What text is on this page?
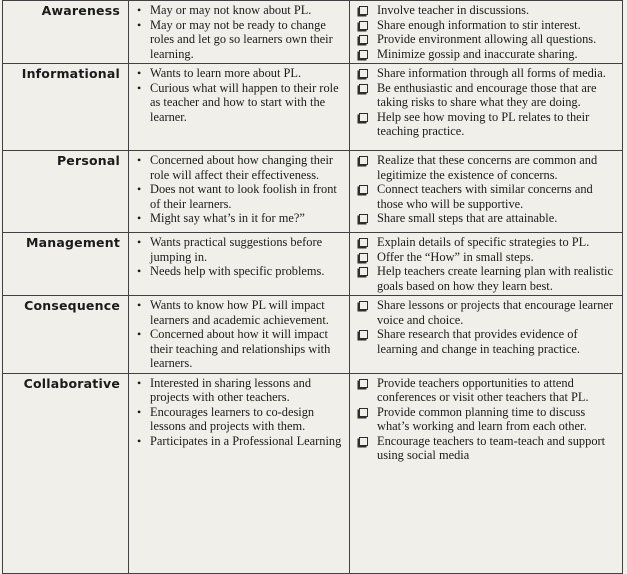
Awareness • May or may not know about PL.
• May or may not be ready to change roles and let go so learners own their learning.
Involve teacher in discussions.
Share enough information to stir interest.
Provide environment allowing all questions.
Minimize gossip and inaccurate sharing.
Informational • Wants to learn more about PL.
• Curious what will happen to their role as teacher and how to start with the learner.
Share information through all forms of media.
Be enthusiastic and encourage those that are taking risks to share what they are doing.
Help see how moving to PL relates to their teaching practice.
Personal • Concerned about how changing their role will affect their effectiveness.
• Does not want to look foolish in front of their learners.
• Might say what’s in it for me?”
Realize that these concerns are common and legitimize the existence of concerns.
Connect teachers with similar concerns and those who will be supportive.
Share small steps that are attainable.
Management • Wants practical suggestions before jumping in.
• Needs help with specific problems.
Explain details of specific strategies to PL.
Offer the “How” in small steps.
Help teachers create learning plan with realistic goals based on how they learn best.
Consequence • Wants to know how PL will impact learners and academic achievement.
• Concerned about how it will impact their teaching and relationships with learners.
Share lessons or projects that encourage learner voice and choice.
Share research that provides evidence of learning and change in teaching practice.
Collaborative • Interested in sharing lessons and projects with other teachers.
• Encourages learners to co-design lessons and projects with them.
• Participates in a Professional Learning
Provide teachers opportunities to attend conferences or visit other teachers that PL.
Provide common planning time to discuss what’s working and learn from each other.
Encourage teachers to team-teach and support using social media
